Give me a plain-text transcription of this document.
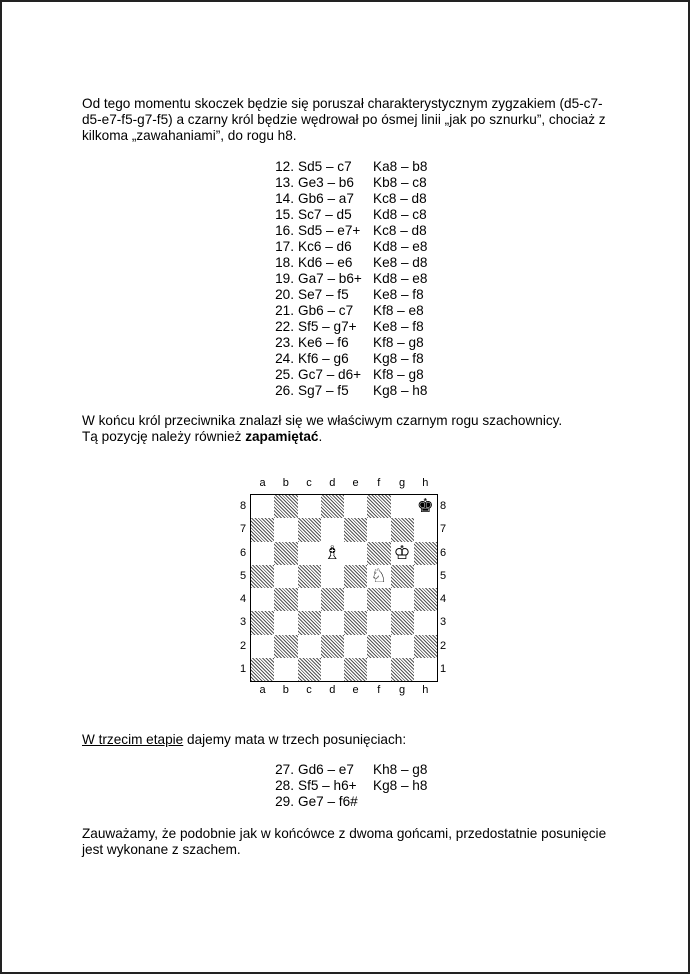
Od tego momentu skoczek będzie się poruszał charakterystycznym zygzakiem (d5-c7-d5-e7-f5-g7-f5) a czarny król będzie wędrował po ósmej linii „jak po sznurku”, chociaż z kilkoma „zawahaniami”, do rogu h8.
12.	Sd5 – c7	Ka8 – b8
13.	Ge3 – b6	Kb8 – c8
14.	Gb6 – a7	Kc8 – d8
15.	Sc7 – d5	Kd8 – c8
16.	Sd5 – e7+	Kc8 – d8
17.	Kc6 – d6	Kd8 – e8
18.	Kd6 – e6	Ke8 – d8
19.	Ga7 – b6+	Kd8 – e8
20.	Se7 – f5	Ke8 – f8
21.	Gb6 – c7	Kf8 – e8
22.	Sf5 – g7+	Ke8 – f8
23.	Ke6 – f6	Kf8 – g8
24.	Kf6 – g6	Kg8 – f8
25.	Gc7 – d6+	Kf8 – g8
26.	Sg7 – f5	Kg8 – h8
W końcu król przeciwnika znalazł się we właściwym czarnym rogu szachownicy.
Tą pozycję należy również zapamiętać.
a
a
b
b
c
c
d
d
e
e
f
f
g
g
h
h
8	8
7	7
6	6
5	5
4	4
3	3
2	2
1	1
♚
♗	♔
♘
W trzecim etapie dajemy mata w trzech posunięciach:
27.	Gd6 – e7	Kh8 – g8
28.	Sf5 – h6+	Kg8 – h8
29.	Ge7 – f6#	
Zauważamy, że podobnie jak w końcówce z dwoma gońcami, przedostatnie posunięcie jest wykonane z szachem.
